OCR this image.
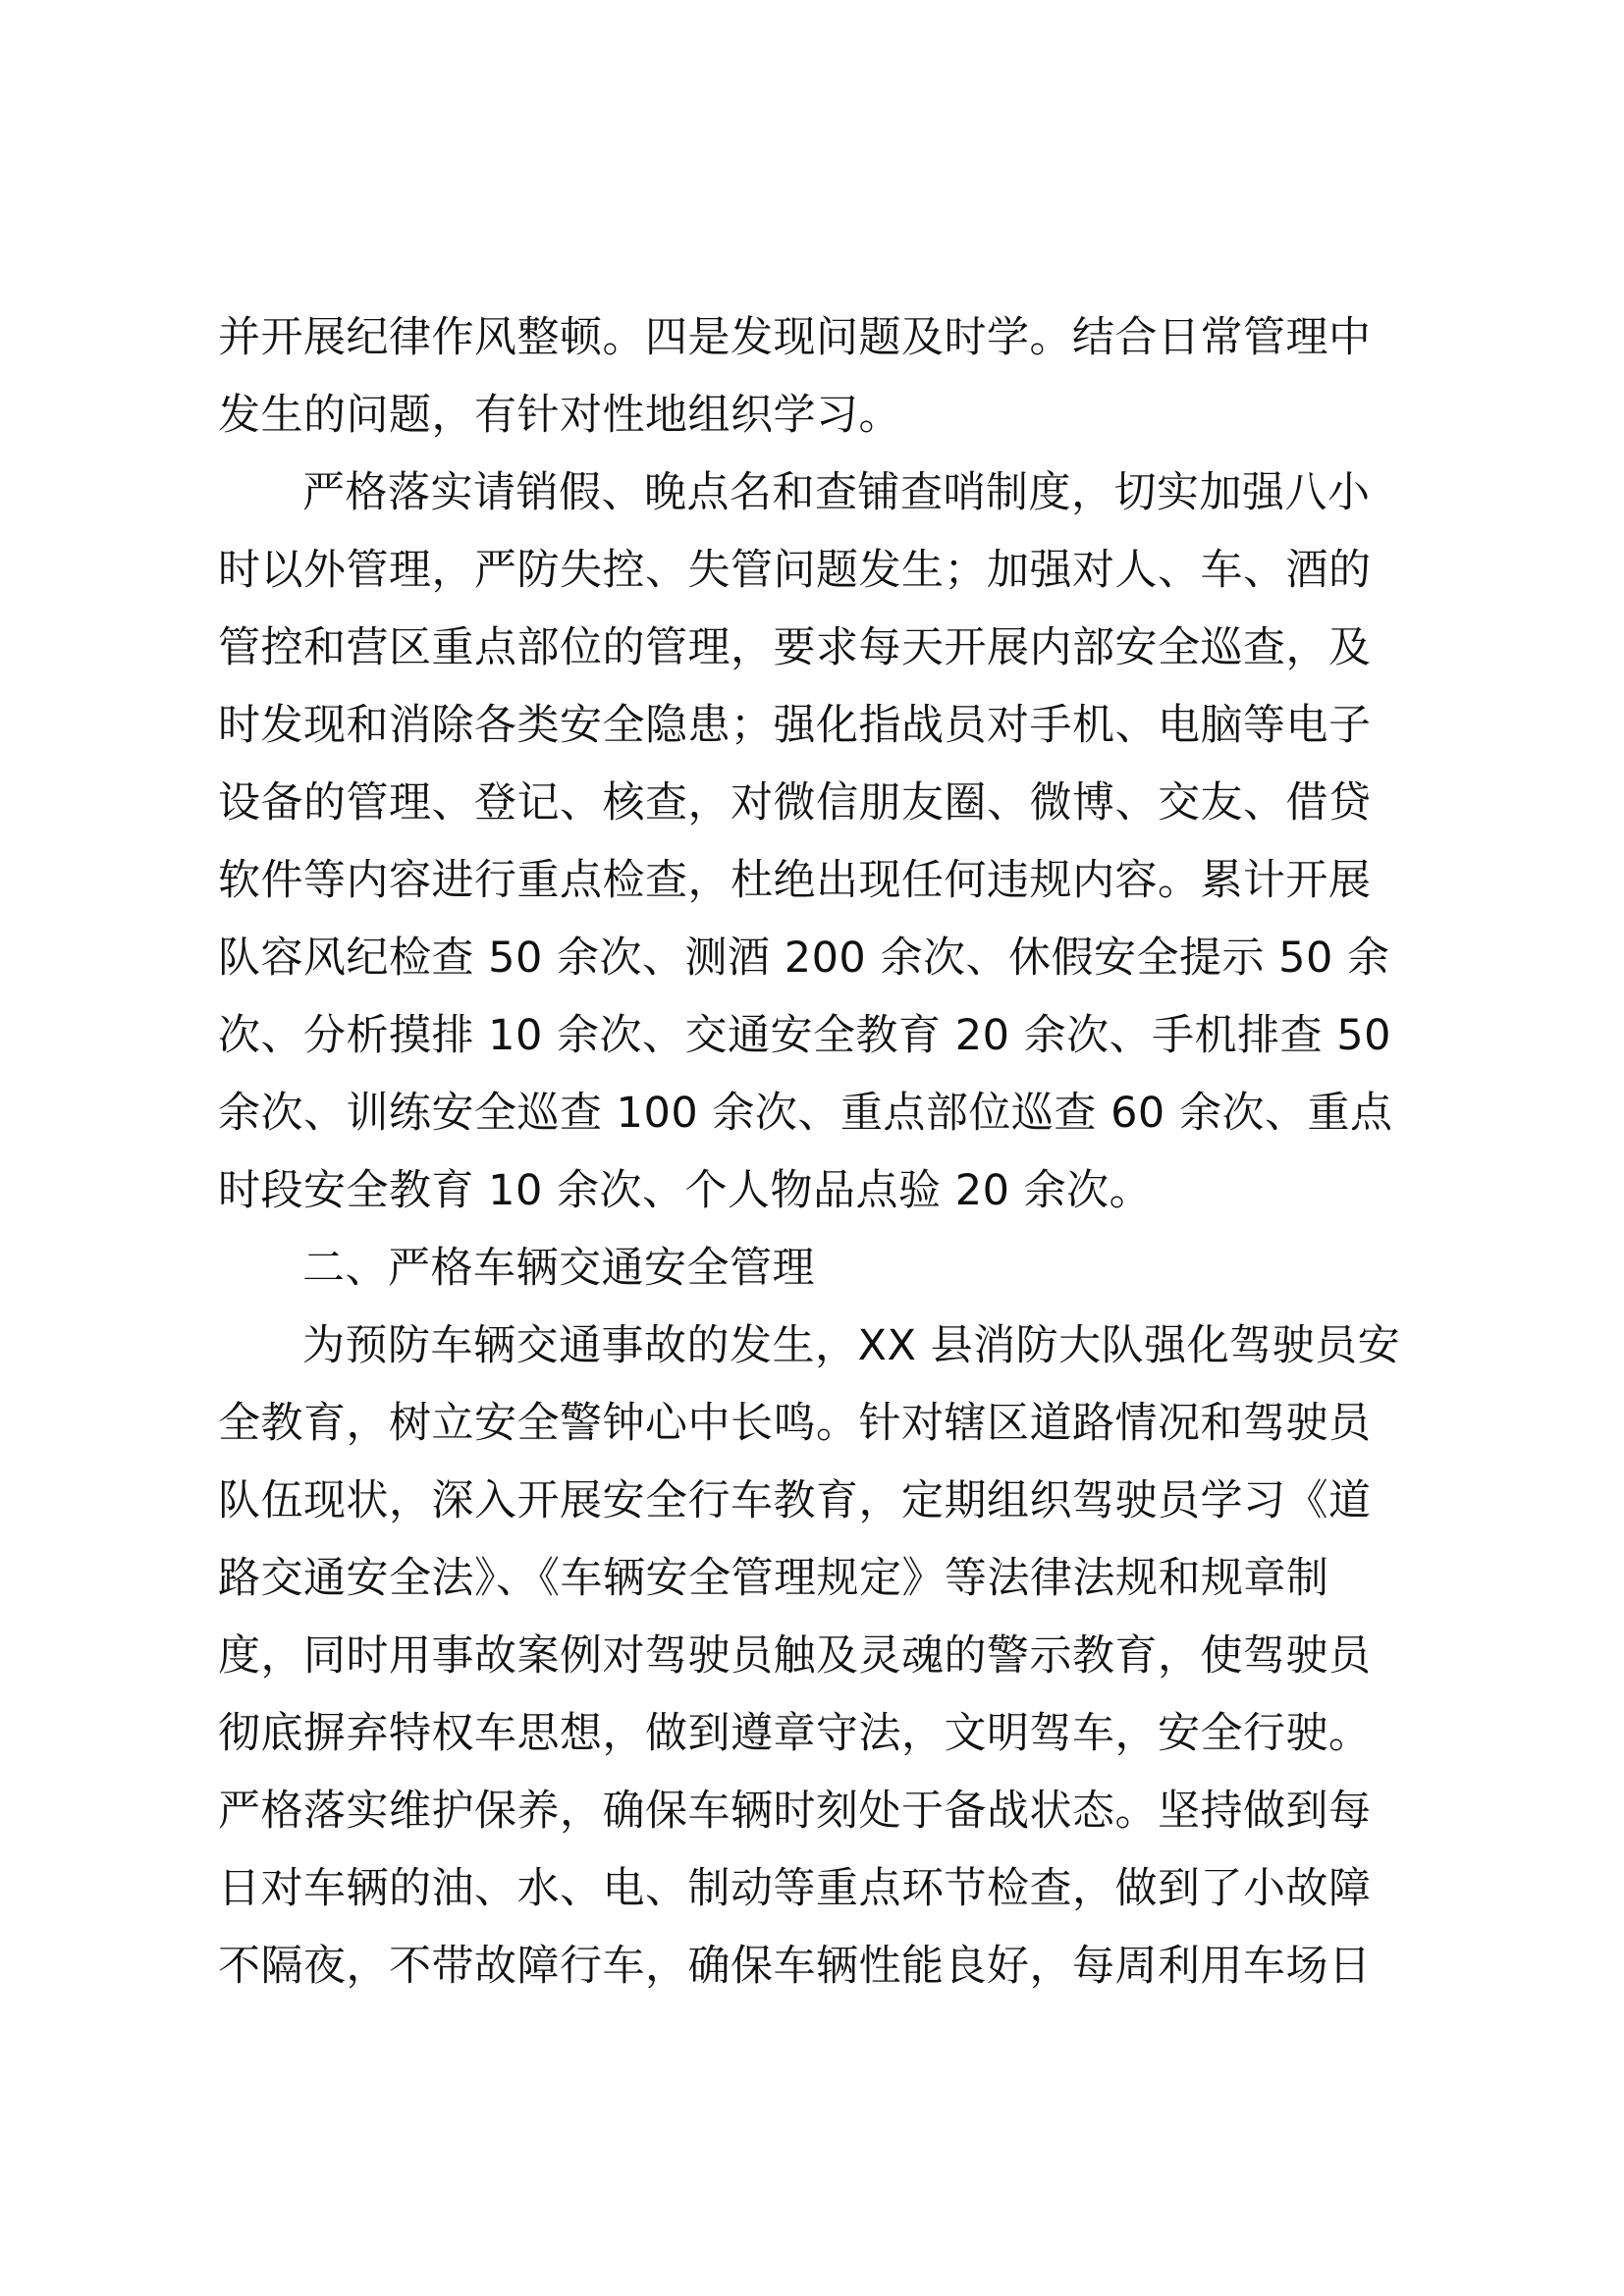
并开展纪律作风整顿。四是发现问题及时学。结合日常管理中
发生的问题，有针对性地组织学习。
严格落实请销假、晚点名和查铺查哨制度，切实加强八小
时以外管理，严防失控、失管问题发生；加强对人、车、酒的
管控和营区重点部位的管理，要求每天开展内部安全巡查，及
时发现和消除各类安全隐患；强化指战员对手机、电脑等电子
设备的管理、登记、核查，对微信朋友圈、微博、交友、借贷
软件等内容进行重点检查，杜绝出现任何违规内容。累计开展
队容风纪检查 50 余次、测酒 200 余次、休假安全提示 50 余
次、分析摸排 10 余次、交通安全教育 20 余次、手机排查 50
余次、训练安全巡查 100 余次、重点部位巡查 60 余次、重点
时段安全教育 10 余次、个人物品点验 20 余次。
二、严格车辆交通安全管理
为预防车辆交通事故的发生，XX 县消防大队强化驾驶员安
全教育，树立安全警钟心中长鸣。针对辖区道路情况和驾驶员
队伍现状，深入开展安全行车教育，定期组织驾驶员学习《道
路交通安全法》、《车辆安全管理规定》等法律法规和规章制
度，同时用事故案例对驾驶员触及灵魂的警示教育，使驾驶员
彻底摒弃特权车思想，做到遵章守法，文明驾车，安全行驶。
严格落实维护保养，确保车辆时刻处于备战状态。坚持做到每
日对车辆的油、水、电、制动等重点环节检查，做到了小故障
不隔夜，不带故障行车，确保车辆性能良好，每周利用车场日
